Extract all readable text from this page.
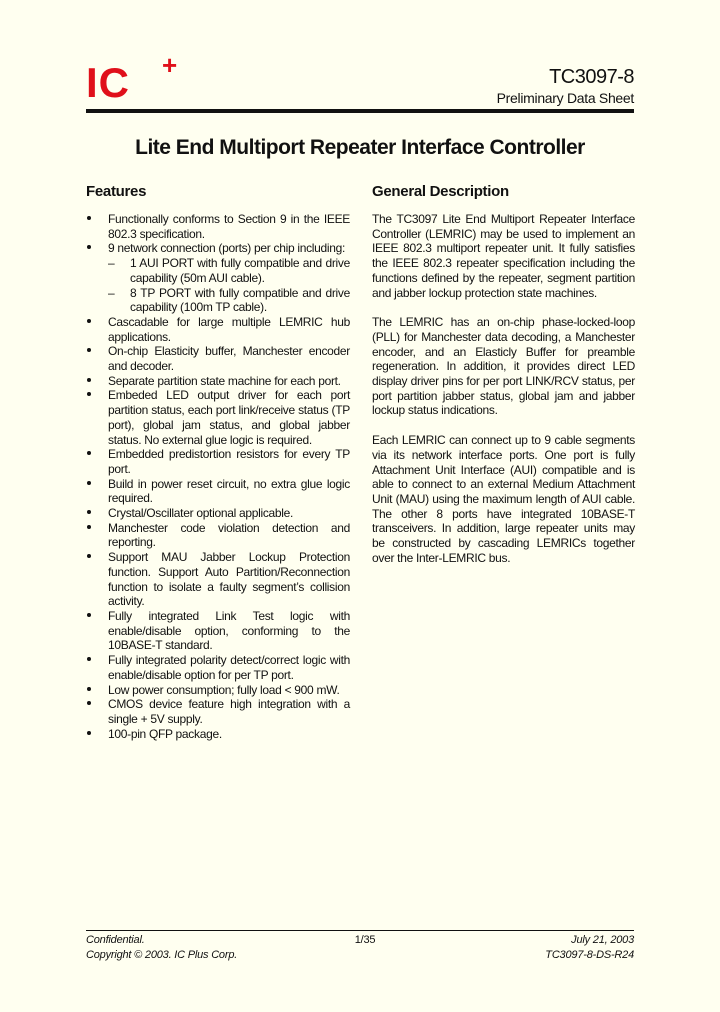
IC +	TC3097-8
Preliminary Data Sheet
Lite End Multiport Repeater Interface Controller
Features
Functionally conforms to Section 9 in the IEEE 802.3 specification.
9 network connection (ports) per chip including:
– 1 AUI PORT with fully compatible and drive capability (50m AUI cable).
– 8 TP PORT with fully compatible and drive capability (100m TP cable).
Cascadable for large multiple LEMRIC hub applications.
On-chip Elasticity buffer, Manchester encoder and decoder.
Separate partition state machine for each port.
Embeded LED output driver for each port partition status, each port link/receive status (TP port), global jam status, and global jabber status. No external glue logic is required.
Embedded predistortion resistors for every TP port.
Build in power reset circuit, no extra glue logic required.
Crystal/Oscillater optional applicable.
Manchester code violation detection and reporting.
Support MAU Jabber Lockup Protection function. Support Auto Partition/Reconnection function to isolate a faulty segment’s collision activity.
Fully integrated Link Test logic with enable/disable option, conforming to the 10BASE-T standard.
Fully integrated polarity detect/correct logic with enable/disable option for per TP port.
Low power consumption; fully load < 900 mW.
CMOS device feature high integration with a single + 5V supply.
100-pin QFP package.
General Description

The TC3097 Lite End Multiport Repeater Interface Controller (LEMRIC) may be used to implement an IEEE 802.3 multiport repeater unit. It fully satisfies the IEEE 802.3 repeater specification including the functions defined by the repeater, segment partition and jabber lockup protection state machines.

The LEMRIC has an on-chip phase-locked-loop (PLL) for Manchester data decoding, a Manchester encoder, and an Elasticly Buffer for preamble regeneration. In addition, it provides direct LED display driver pins for per port LINK/RCV status, per port partition jabber status, global jam and jabber lockup status indications.

Each LEMRIC can connect up to 9 cable segments via its network interface ports. One port is fully Attachment Unit Interface (AUI) compatible and is able to connect to an external Medium Attachment Unit (MAU) using the maximum length of AUI cable. The other 8 ports have integrated 10BASE-T transceivers. In addition, large repeater units may be constructed by cascading LEMRICs together over the Inter-LEMRIC bus.

Confidential.
Copyright © 2003. IC Plus Corp.
1/35	July 21, 2003
TC3097-8-DS-R24
